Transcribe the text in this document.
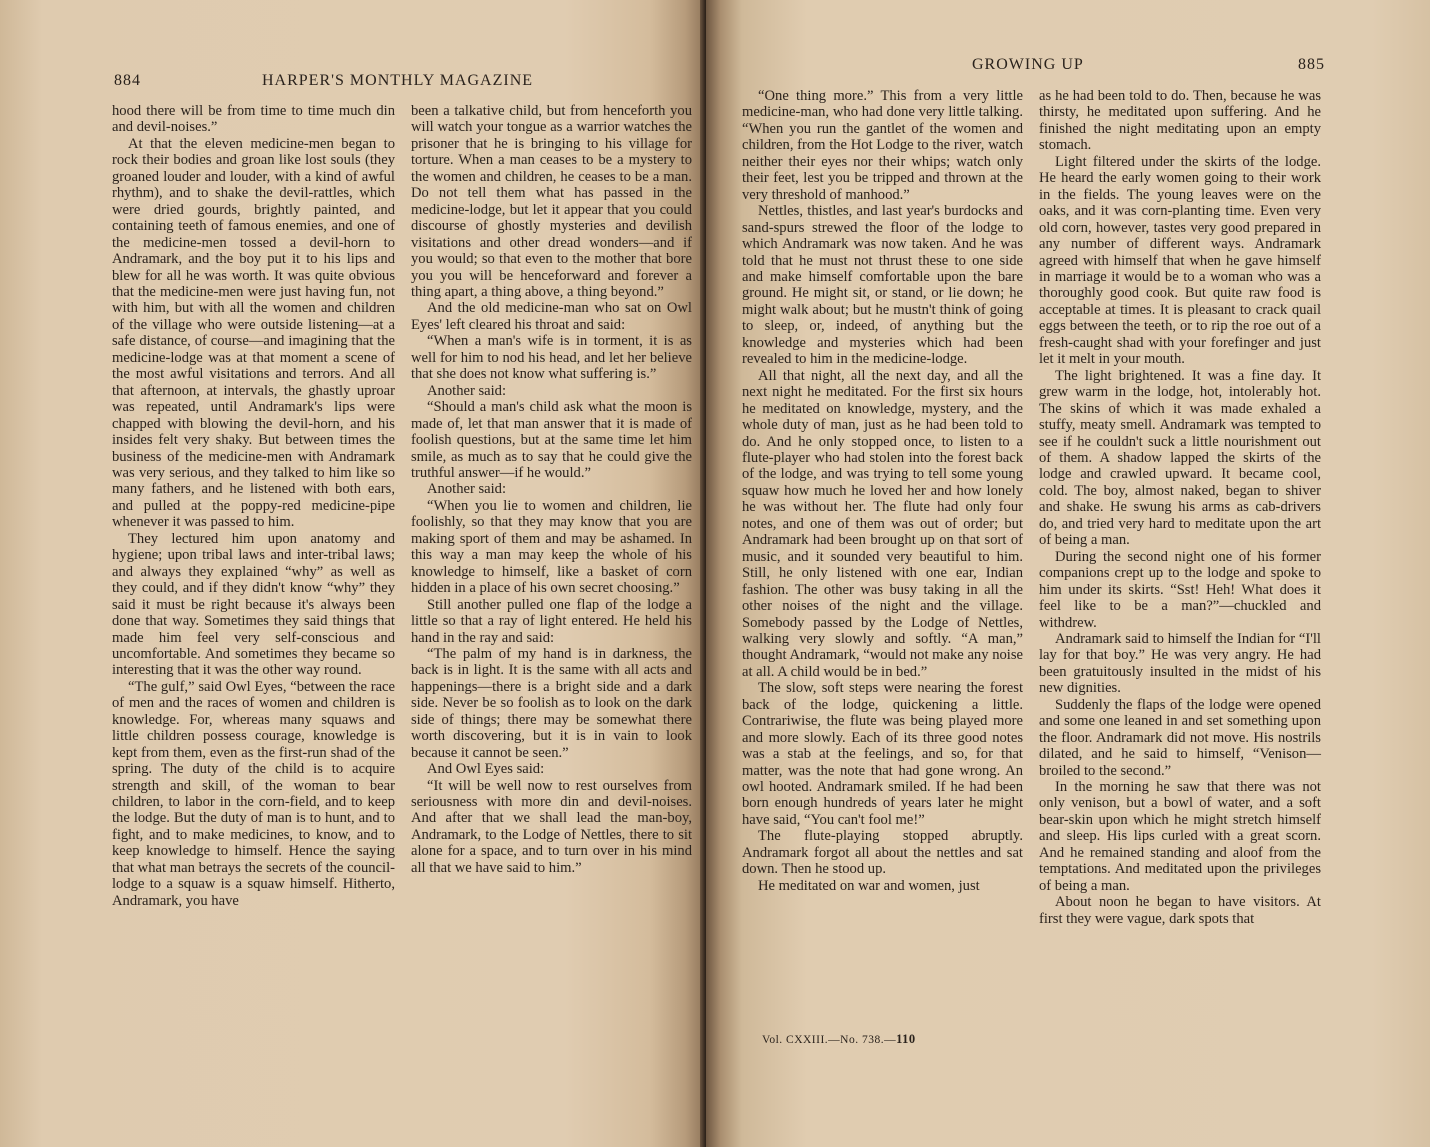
884	HARPER'S MONTHLY MAGAZINE

hood there will be from time to time much din and devil-noises.”

At that the eleven medicine-men began to rock their bodies and groan like lost souls (they groaned louder and louder, with a kind of awful rhythm), and to shake the devil-rattles, which were dried gourds, brightly painted, and containing teeth of famous enemies, and one of the medicine-men tossed a devil-horn to Andramark, and the boy put it to his lips and blew for all he was worth. It was quite obvious that the medicine-men were just having fun, not with him, but with all the women and children of the village who were outside listening—at a safe distance, of course—and imagining that the medicine-lodge was at that moment a scene of the most awful visitations and terrors. And all that afternoon, at intervals, the ghastly uproar was repeated, until Andramark's lips were chapped with blowing the devil-horn, and his insides felt very shaky. But between times the business of the medicine-men with Andramark was very serious, and they talked to him like so many fathers, and he listened with both ears, and pulled at the poppy-red medicine-pipe whenever it was passed to him.

They lectured him upon anatomy and hygiene; upon tribal laws and inter-tribal laws; and always they explained “why” as well as they could, and if they didn't know “why” they said it must be right because it's always been done that way. Sometimes they said things that made him feel very self-conscious and uncomfortable. And sometimes they became so interesting that it was the other way round.

“The gulf,” said Owl Eyes, “between the race of men and the races of women and children is knowledge. For, whereas many squaws and little children possess courage, knowledge is kept from them, even as the first-run shad of the spring. The duty of the child is to acquire strength and skill, of the woman to bear children, to labor in the corn-field, and to keep the lodge. But the duty of man is to hunt, and to fight, and to make medicines, to know, and to keep knowledge to himself. Hence the saying that what man betrays the secrets of the council-lodge to a squaw is a squaw himself. Hitherto, Andramark, you have

been a talkative child, but from henceforth you will watch your tongue as a warrior watches the prisoner that he is bringing to his village for torture. When a man ceases to be a mystery to the women and children, he ceases to be a man. Do not tell them what has passed in the medicine-lodge, but let it appear that you could discourse of ghostly mysteries and devilish visitations and other dread wonders—and if you would; so that even to the mother that bore you you will be henceforward and forever a thing apart, a thing above, a thing beyond.”

And the old medicine-man who sat on Owl Eyes' left cleared his throat and said:

“When a man's wife is in torment, it is as well for him to nod his head, and let her believe that she does not know what suffering is.”

Another said:

“Should a man's child ask what the moon is made of, let that man answer that it is made of foolish questions, but at the same time let him smile, as much as to say that he could give the truthful answer—if he would.”

Another said:

“When you lie to women and children, lie foolishly, so that they may know that you are making sport of them and may be ashamed. In this way a man may keep the whole of his knowledge to himself, like a basket of corn hidden in a place of his own secret choosing.”

Still another pulled one flap of the lodge a little so that a ray of light entered. He held his hand in the ray and said:

“The palm of my hand is in darkness, the back is in light. It is the same with all acts and happenings—there is a bright side and a dark side. Never be so foolish as to look on the dark side of things; there may be somewhat there worth discovering, but it is in vain to look because it cannot be seen.”

And Owl Eyes said:

“It will be well now to rest ourselves from seriousness with more din and devil-noises. And after that we shall lead the man-boy, Andramark, to the Lodge of Nettles, there to sit alone for a space, and to turn over in his mind all that we have said to him.”

GROWING UP	885

“One thing more.” This from a very little medicine-man, who had done very little talking. “When you run the gantlet of the women and children, from the Hot Lodge to the river, watch neither their eyes nor their whips; watch only their feet, lest you be tripped and thrown at the very threshold of manhood.”

Nettles, thistles, and last year's burdocks and sand-spurs strewed the floor of the lodge to which Andramark was now taken. And he was told that he must not thrust these to one side and make himself comfortable upon the bare ground. He might sit, or stand, or lie down; he might walk about; but he mustn't think of going to sleep, or, indeed, of anything but the knowledge and mysteries which had been revealed to him in the medicine-lodge.

All that night, all the next day, and all the next night he meditated. For the first six hours he meditated on knowledge, mystery, and the whole duty of man, just as he had been told to do. And he only stopped once, to listen to a flute-player who had stolen into the forest back of the lodge, and was trying to tell some young squaw how much he loved her and how lonely he was without her. The flute had only four notes, and one of them was out of order; but Andramark had been brought up on that sort of music, and it sounded very beautiful to him. Still, he only listened with one ear, Indian fashion. The other was busy taking in all the other noises of the night and the village. Somebody passed by the Lodge of Nettles, walking very slowly and softly. “A man,” thought Andramark, “would not make any noise at all. A child would be in bed.”

The slow, soft steps were nearing the forest back of the lodge, quickening a little. Contrariwise, the flute was being played more and more slowly. Each of its three good notes was a stab at the feelings, and so, for that matter, was the note that had gone wrong. An owl hooted. Andramark smiled. If he had been born enough hundreds of years later he might have said, “You can't fool me!”

The flute-playing stopped abruptly. Andramark forgot all about the nettles and sat down. Then he stood up.

He meditated on war and women, just

as he had been told to do. Then, because he was thirsty, he meditated upon suffering. And he finished the night meditating upon an empty stomach.

Light filtered under the skirts of the lodge. He heard the early women going to their work in the fields. The young leaves were on the oaks, and it was corn-planting time. Even very old corn, however, tastes very good prepared in any number of different ways. Andramark agreed with himself that when he gave himself in marriage it would be to a woman who was a thoroughly good cook. But quite raw food is acceptable at times. It is pleasant to crack quail eggs between the teeth, or to rip the roe out of a fresh-caught shad with your forefinger and just let it melt in your mouth.

The light brightened. It was a fine day. It grew warm in the lodge, hot, intolerably hot. The skins of which it was made exhaled a stuffy, meaty smell. Andramark was tempted to see if he couldn't suck a little nourishment out of them. A shadow lapped the skirts of the lodge and crawled upward. It became cool, cold. The boy, almost naked, began to shiver and shake. He swung his arms as cab-drivers do, and tried very hard to meditate upon the art of being a man.

During the second night one of his former companions crept up to the lodge and spoke to him under its skirts. “Sst! Heh! What does it feel like to be a man?”—chuckled and withdrew.

Andramark said to himself the Indian for “I'll lay for that boy.” He was very angry. He had been gratuitously insulted in the midst of his new dignities.

Suddenly the flaps of the lodge were opened and some one leaned in and set something upon the floor. Andramark did not move. His nostrils dilated, and he said to himself, “Venison—broiled to the second.”

In the morning he saw that there was not only venison, but a bowl of water, and a soft bear-skin upon which he might stretch himself and sleep. His lips curled with a great scorn. And he remained standing and aloof from the temptations. And meditated upon the privileges of being a man.

About noon he began to have visitors. At first they were vague, dark spots that

Vol. CXXIII.—No. 738.—110
